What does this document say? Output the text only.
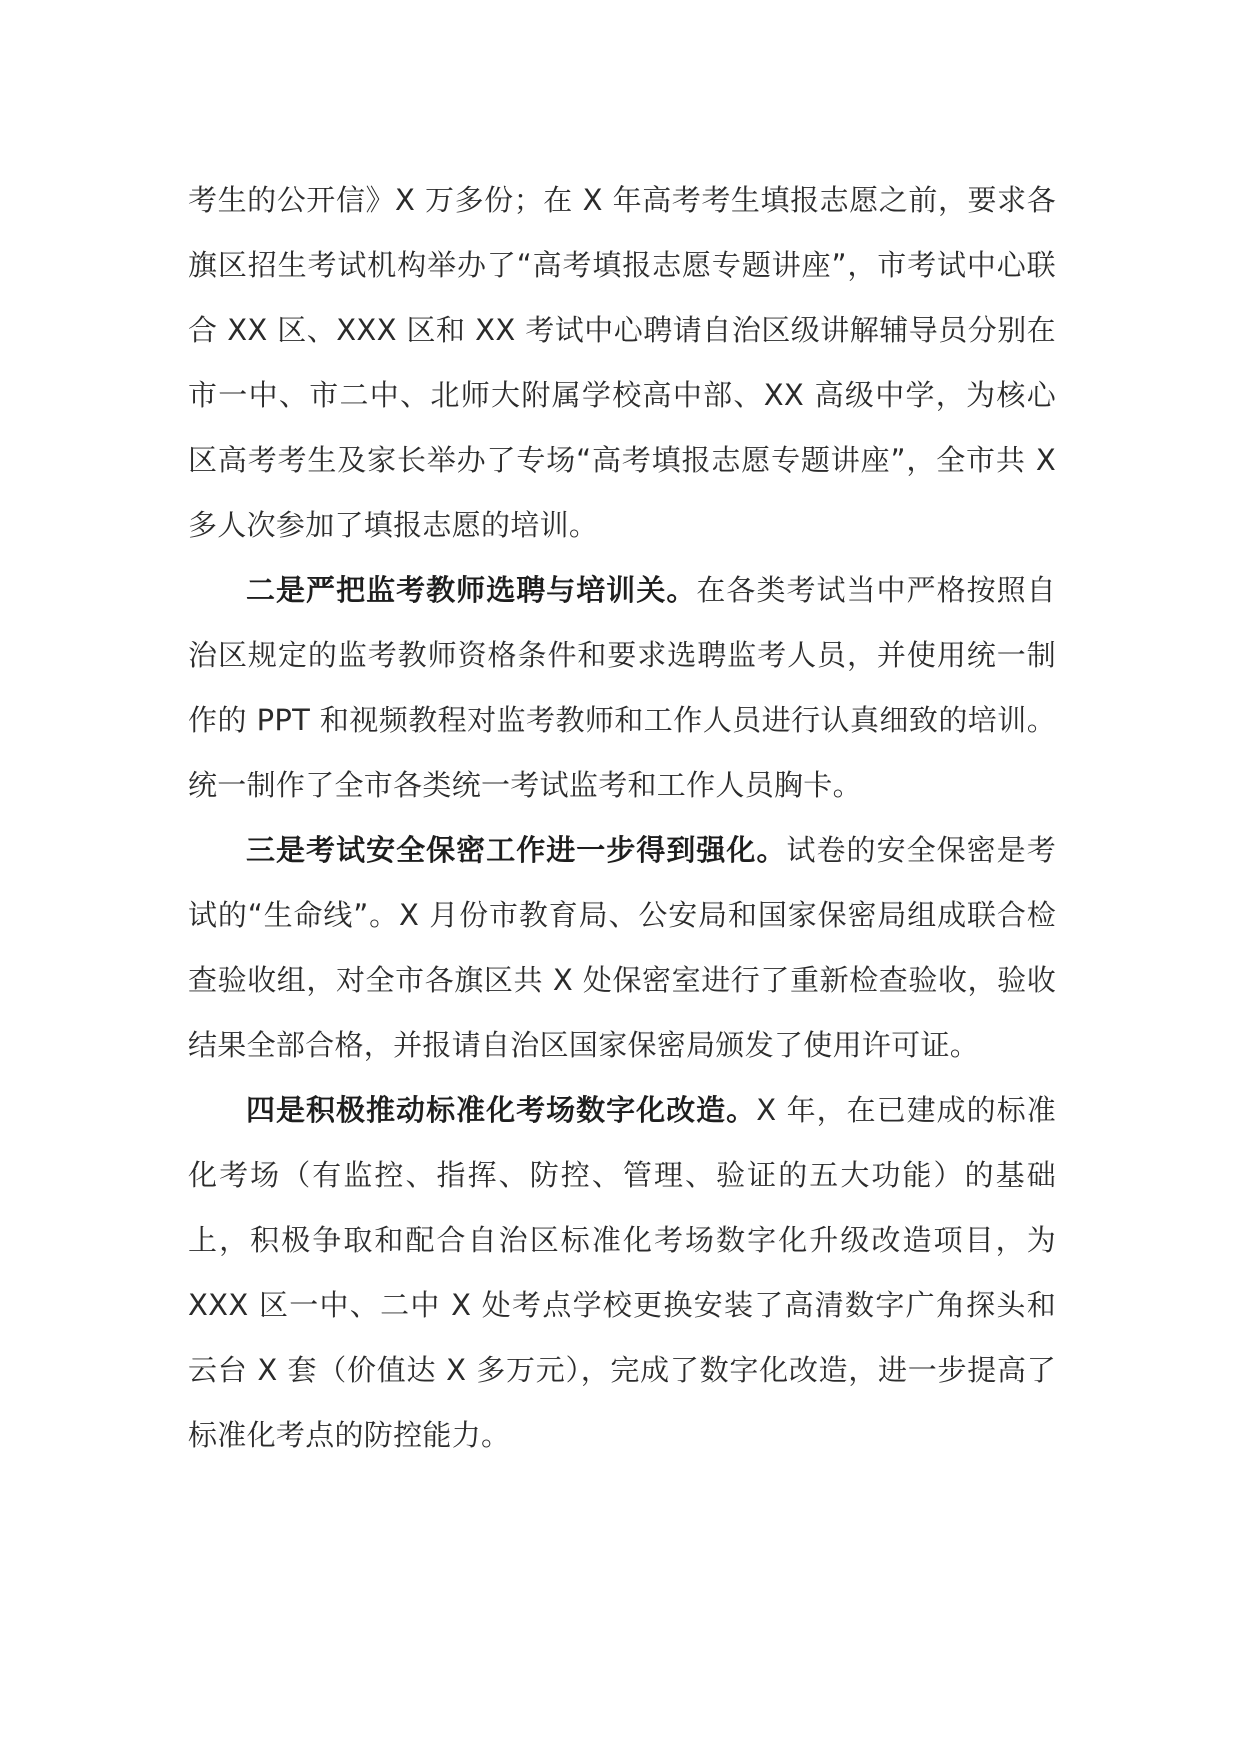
考生的公开信》X 万多份；在 X 年高考考生填报志愿之前，要求各旗区招生考试机构举办了“高考填报志愿专题讲座”，市考试中心联合 XX 区、XXX 区和 XX 考试中心聘请自治区级讲解辅导员分别在市一中、市二中、北师大附属学校高中部、XX 高级中学，为核心区高考考生及家长举办了专场“高考填报志愿专题讲座”，全市共 X 多人次参加了填报志愿的培训。

二是严把监考教师选聘与培训关。在各类考试当中严格按照自治区规定的监考教师资格条件和要求选聘监考人员，并使用统一制作的 PPT 和视频教程对监考教师和工作人员进行认真细致的培训。统一制作了全市各类统一考试监考和工作人员胸卡。

三是考试安全保密工作进一步得到强化。试卷的安全保密是考试的“生命线”。X 月份市教育局、公安局和国家保密局组成联合检查验收组，对全市各旗区共 X 处保密室进行了重新检查验收，验收结果全部合格，并报请自治区国家保密局颁发了使用许可证。

四是积极推动标准化考场数字化改造。X 年，在已建成的标准化考场（有监控、指挥、防控、管理、验证的五大功能）的基础上，积极争取和配合自治区标准化考场数字化升级改造项目，为 XXX 区一中、二中 X 处考点学校更换安装了高清数字广角探头和云台 X 套（价值达 X 多万元），完成了数字化改造，进一步提高了标准化考点的防控能力。
